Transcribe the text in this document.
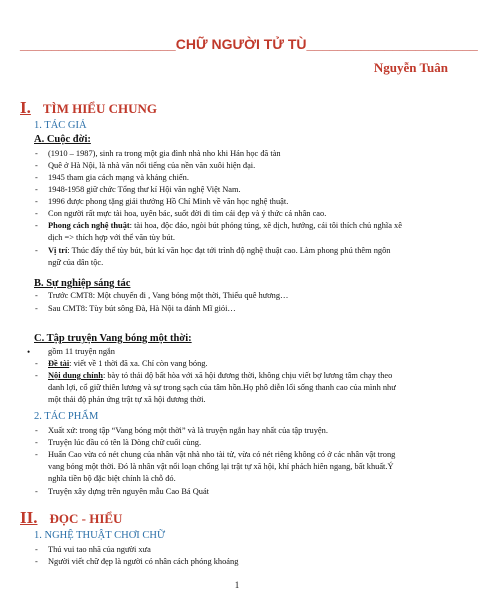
____________________CHỮ NGƯỜI TỬ TÙ______________________
Nguyễn Tuân
I. TÌM HIỂU CHUNG
1. TÁC GIẢ
A. Cuộc đời:
- (1910 – 1987), sinh ra trong một gia đình nhà nho khi Hán học đã tàn
- Quê ở Hà Nội, là nhà văn nổi tiếng của nền văn xuôi hiện đại.
- 1945 tham gia cách mạng và kháng chiến.
- 1948-1958 giữ chức Tổng thư kí Hội văn nghệ Việt Nam.
- 1996 được phong tặng giải thưởng Hồ Chí Minh về văn học nghệ thuật.
- Con người rất mực tài hoa, uyên bác, suốt đời đi tìm cái đẹp và ý thức cá nhân cao.
- Phong cách nghệ thuật: tài hoa, độc đáo, ngòi bút phóng túng, xê dịch, hướng, cái tôi thích chủ nghĩa xê
dịch => thích hợp với thể văn tùy bút.
- Vị trí: Thúc đẩy thể tùy bút, bút kí văn học đạt tới trình độ nghệ thuật cao. Làm phong phú thêm ngôn
ngữ của dân tộc.
B. Sự nghiệp sáng tác
- Trước CMT8: Một chuyến đi , Vang bóng một thời, Thiếu quê hương…
- Sau CMT8: Tùy bút sông Đà, Hà Nội ta đánh Mĩ giỏi…
C. Tập truyện Vang bóng một thời:
• gồm 11 truyện ngắn
- Đề tài: viết về 1 thời đã xa. Chỉ còn vang bóng.
- Nội dung chính: bày tỏ thái độ bất hòa với xã hội đương thời, không chịu viết bợ lương tâm chạy theo
danh lợi, cổ giữ thiên lương và sự trong sạch của tâm hồn.Họ phô diễn lối sống thanh cao của mình như
một thái độ phản ứng trật tự xã hội đương thời.
2. TÁC PHẨM
- Xuất xứ: trong tập “Vang bóng một thời” và là truyện ngắn hay nhất của tập truyện.
- Truyện lúc đầu có tên là Dòng chữ cuối cùng.
- Huấn Cao vừa có nét chung của nhân vật nhà nho tài tử, vừa có nét riêng không có ở các nhân vật trong
vang bóng một thời. Đó là nhân vật nổi loạn chống lại trật tự xã hội, khí phách hiên ngang, bất khuất.Ý
nghĩa tiền bộ đặc biệt chính là chỗ đó.
- Truyện xây dựng trên nguyên mẫu Cao Bá Quát
II. ĐỌC - HIỂU
1. NGHỆ THUẬT CHƠI CHỮ
- Thú vui tao nhã của người xưa
- Người viết chữ đẹp là người có nhân cách phóng khoáng
1
